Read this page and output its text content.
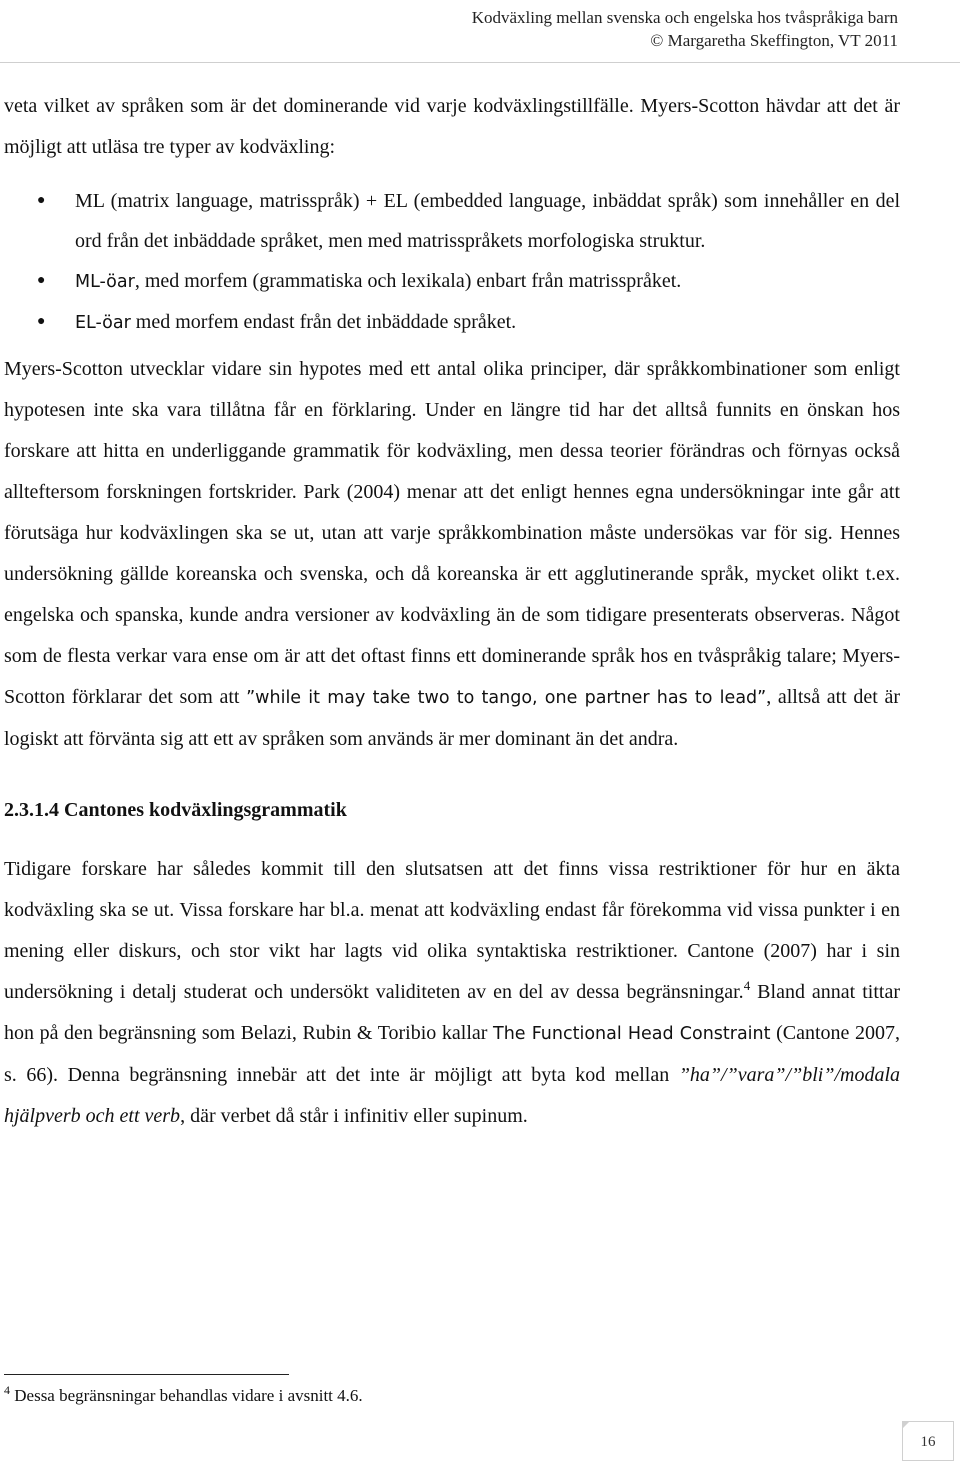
Kodväxling mellan svenska och engelska hos tvåspråkiga barn
© Margaretha Skeffington, VT 2011

veta vilket av språken som är det dominerande vid varje kodväxlingstillfälle. Myers-Scotton hävdar att det är möjligt att utläsa tre typer av kodväxling:

● ML (matrix language, matrisspråk) + EL (embedded language, inbäddat språk) som innehåller en del ord från det inbäddade språket, men med matrisspråkets morfologiska struktur.
● ML-öar, med morfem (grammatiska och lexikala) enbart från matrisspråket.
● EL-öar med morfem endast från det inbäddade språket.

Myers-Scotton utvecklar vidare sin hypotes med ett antal olika principer, där språkkombinationer som enligt hypotesen inte ska vara tillåtna får en förklaring. Under en längre tid har det alltså funnits en önskan hos forskare att hitta en underliggande grammatik för kodväxling, men dessa teorier förändras och förnyas också allteftersom forskningen fortskrider. Park (2004) menar att det enligt hennes egna undersökningar inte går att förutsäga hur kodväxlingen ska se ut, utan att varje språkkombination måste undersökas var för sig. Hennes undersökning gällde koreanska och svenska, och då koreanska är ett agglutinerande språk, mycket olikt t.ex. engelska och spanska, kunde andra versioner av kodväxling än de som tidigare presenterats observeras. Något som de flesta verkar vara ense om är att det oftast finns ett dominerande språk hos en tvåspråkig talare; Myers-Scotton förklarar det som att ”while it may take two to tango, one partner has to lead”, alltså att det är logiskt att förvänta sig att ett av språken som används är mer dominant än det andra.

2.3.1.4 Cantones kodväxlingsgrammatik

Tidigare forskare har således kommit till den slutsatsen att det finns vissa restriktioner för hur en äkta kodväxling ska se ut. Vissa forskare har bl.a. menat att kodväxling endast får förekomma vid vissa punkter i en mening eller diskurs, och stor vikt har lagts vid olika syntaktiska restriktioner. Cantone (2007) har i sin undersökning i detalj studerat och undersökt validiteten av en del av dessa begränsningar.$^4$ Bland annat tittar hon på den begränsning som Belazi, Rubin & Toribio kallar The Functional Head Constraint (Cantone 2007, s. 66). Denna begränsning innebär att det inte är möjligt att byta kod mellan ”ha”/”vara”/”bli”/modala hjälpverb och ett verb, där verbet då står i infinitiv eller supinum.

$^4$ Dessa begränsningar behandlas vidare i avsnitt 4.6.
16
